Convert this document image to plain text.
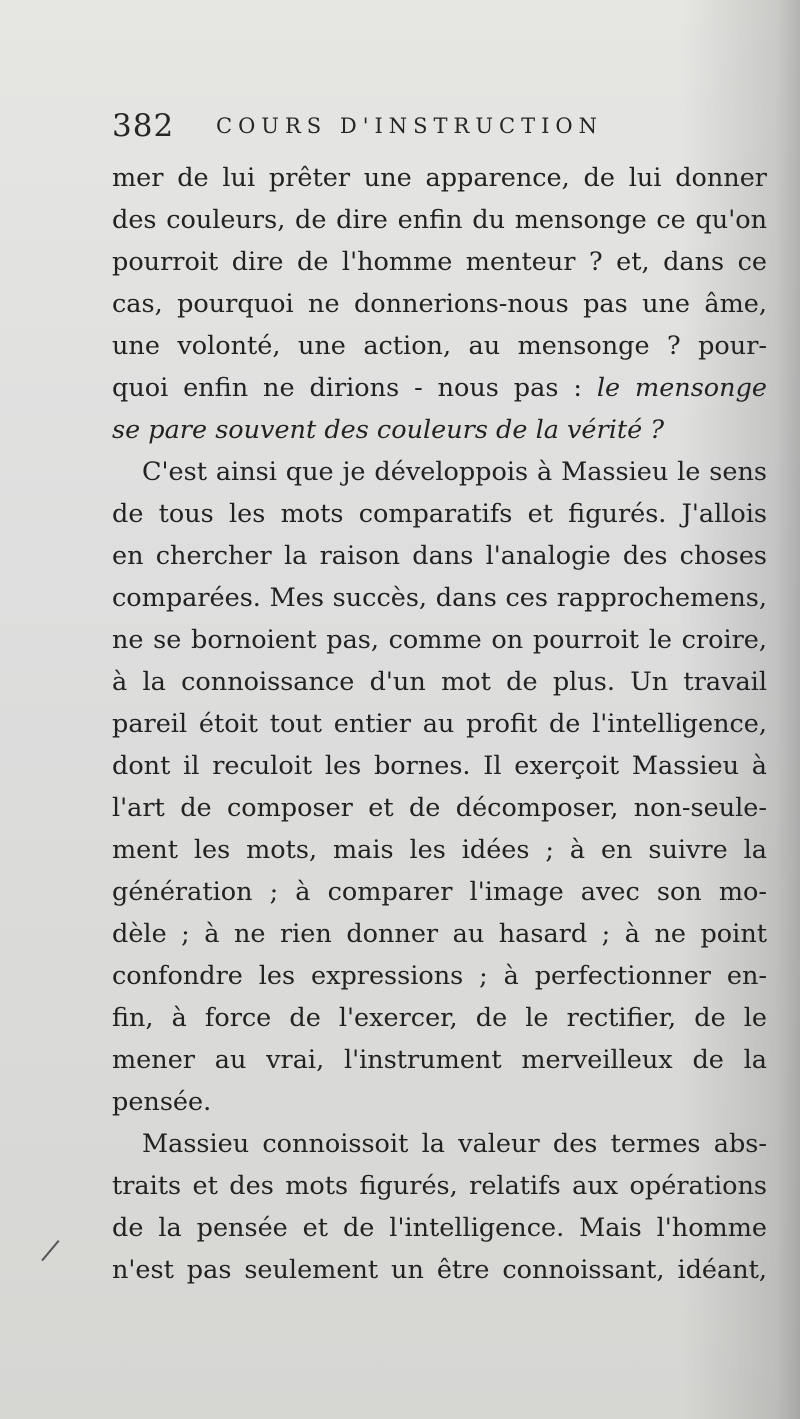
382 COURS D'INSTRUCTION
mer de lui prêter une apparence, de lui donner
des couleurs, de dire enfin du mensonge ce qu'on
pourroit dire de l'homme menteur ? et, dans ce
cas, pourquoi ne donnerions-nous pas une âme,
une volonté, une action, au mensonge ? pour-
quoi enfin ne dirions - nous pas : le mensonge
se pare souvent des couleurs de la vérité ?
C'est ainsi que je développois à Massieu le sens
de tous les mots comparatifs et figurés. J'allois
en chercher la raison dans l'analogie des choses
comparées. Mes succès, dans ces rapprochemens,
ne se bornoient pas, comme on pourroit le croire,
à la connoissance d'un mot de plus. Un travail
pareil étoit tout entier au profit de l'intelligence,
dont il reculoit les bornes. Il exerçoit Massieu à
l'art de composer et de décomposer, non-seule-
ment les mots, mais les idées ; à en suivre la
génération ; à comparer l'image avec son mo-
dèle ; à ne rien donner au hasard ; à ne point
confondre les expressions ; à perfectionner en-
fin, à force de l'exercer, de le rectifier, de le
mener au vrai, l'instrument merveilleux de la
pensée.
Massieu connoissoit la valeur des termes abs-
traits et des mots figurés, relatifs aux opérations
de la pensée et de l'intelligence. Mais l'homme
n'est pas seulement un être connoissant, idéant,
